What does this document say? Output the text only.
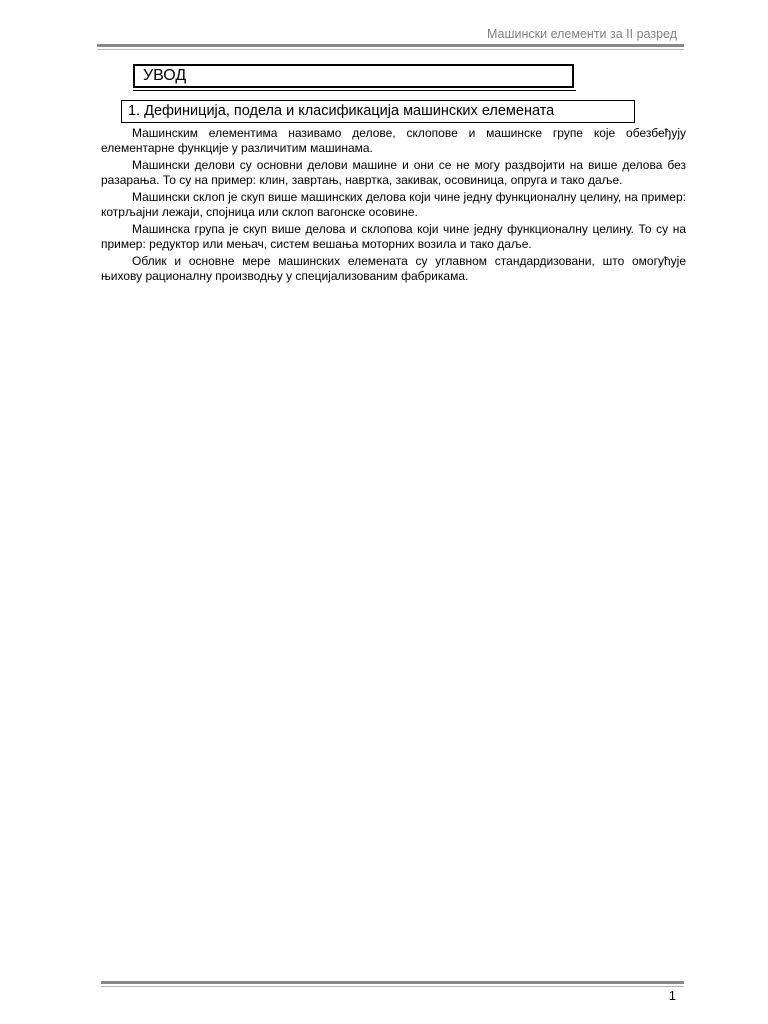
Машински елементи за II разред
УВОД
1. Дефиниција, подела и класификација машинских елемената

Машинским елементима називамо делове, склопове и машинске групе које обезбеђују елементарне функције у различитим машинама.

Машински делови су основни делови машине и они се не могу раздвојити на више делова без разарања. То су на пример: клин, завртањ, навртка, закивак, осовиница, опруга и тако даље.

Машински склоп је скуп више машинских делова који чине једну функционалну целину, на пример: котрљајни лежаји, спојница или склоп вагонске осовине.

Машинска група је скуп више делова и склопова који чине једну функционалну целину. То су на пример: редуктор или мењач, систем вешања моторних возила и тако даље.

Облик и основне мере машинских елемената су углавном стандардизовани, што омогућује њихову рационалну производњу у специјализованим фабрикама.

1
